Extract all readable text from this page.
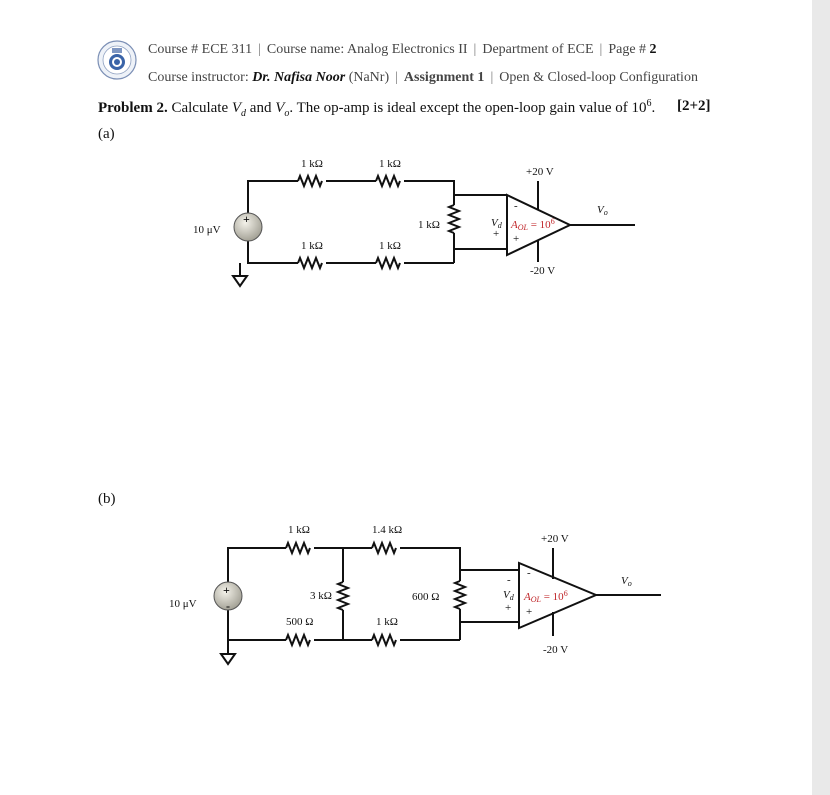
Course # ECE 311 | Course name: Analog Electronics II | Department of ECE | Page # 2
Course instructor: Dr. Nafisa Noor (NaNr) | Assignment 1 | Open & Closed-loop Configuration
Problem 2. Calculate $V_d$ and $V_o$. The op-amp is ideal except the open-loop gain value of $10^6$. [2+2]
(a)
(b)
+
10 μV
1 kΩ	1 kΩ
1 kΩ	1 kΩ
1 kΩ
+20 V
-20 V
-
+
+
Vd AOL = $10^6$
Vo
+
-
10 μV
1 kΩ	1.4 kΩ
3 kΩ	600 Ω
500 Ω	1 kΩ
+20 V
-20 V
-
+
-
+
Vd AOL = $10^6$
Vo
